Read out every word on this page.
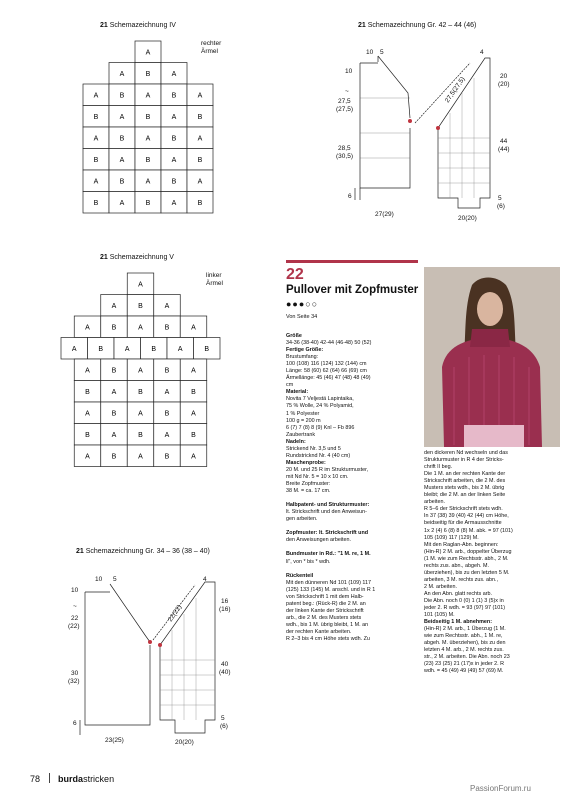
21 Schemazeichnung IV
rechter
Ärmel
A
A	B	A
A	B	A	B	A
B	A	B	A	B
A	B	A	B	A
B	A	B	A	B
A	B	A	B	A
B	A	B	A	B
21 Schemazeichnung Gr. 42 – 44 (46)
10 5	4
10
~
27,5
(27,5)
28,5
(30,5)
6
27(29)
20(20)
20
(20)
44
(44)
5
(6)
27,5(27,5)
21 Schemazeichnung V
linker
Ärmel
A
A	B	A
A	B	A	B	A
A	B	A	B	A	B
A	B	A	B	A
B	A	B	A	B
A	B	A	B	A
B	A	B	A	B
A	B	A	B	A
21 Schemazeichnung Gr. 34 – 36 (38 – 40)
10 5	4
10
~
22
(22)
30
(32)
6
23(25)	20(20)
16
(16)
40
(40)
5
(6)
22(22)
22
Pullover mit Zopfmuster
●●●○○
Von Seite 34

Größe

34-36 (38-40) 42-44 (46-48) 50 (52)

Fertige Größe:

Brustumfang:

100 (108) 116 (124) 132 (144) cm

Länge: 58 (60) 62 (64) 66 (69) cm

Ärmellänge: 45 (46) 47 (48) 48 (49)

cm

Material:

Novita 7 Veljestä Lapintaika,

75 % Wolle, 24 % Polyamid,

1 % Polyester

100 g = 200 m

6 (7) 7 (8) 8 (9) Knl – Fb 896

Zaubertrank

Nadeln:

Strickend Nr. 3,5 und 5

Rundstricknd Nr. 4 (40 cm)

Maschenprobe:

20 M. und 25 R im Strukturmuster,

mit Nd Nr. 5 = 10 x 10 cm.

Breite Zopfmuster:

38 M. = ca. 17 cm.

Halbpatent- und Strukturmuster:

lt. Strickschrift und den Anweisun-

gen arbeiten.

Zopfmuster: lt. Strickschrift und

den Anweisungen arbeiten.

Bundmuster in Rd.: "1 M. re, 1 M.

li", von * bis * wdh.

Rückenteil

Mit den dünneren Nd 101 (109) 117

(125) 133 (145) M. anschl. und in R 1

von Strickschrift 1 mit dem Halb-

patent beg.: (Rück-R) die 2 M. an

der linken Kante der Strickschrift

arb., die 2 M. des Musters stets

wdh., bis 1 M. übrig bleibt, 1 M. an

der rechten Kante arbeiten.

R 2–3 bis 4 cm Höhe stets wdh. Zu

den dickeren Nd wechseln und das

Strukturmuster in R 4 der Stricks-

chrift II beg.

Die 1 M. an der rechten Kante der

Strickschrift arbeiten, die 2 M. des

Musters stets wdh., bis 2 M. übrig

bleibt; die 2 M. an der linken Seite

arbeiten.

R 5–6 der Strickschrift stets wdh.

In 37 (38) 39 (40) 42 (44) cm Höhe,

beidseitig für die Armausschnitte

1x 2 (4) 6 (8) 8 (8) M. abk. = 97 (101)

105 (109) 117 (129) M.

Mit den Raglan-Abn. beginnen:

(Hin-R) 2 M. arb., doppelter Überzug

(1 M. wie zum Rechtsstr. abh., 2 M.

rechts zus. abn., abgeh. M.

überziehen), bis zu den letzten 5 M.

arbeiten, 3 M. rechts zus. abn.,

2 M. arbeiten.

An den Abn. glatt rechts arb.

Die Abn. noch 0 (0) 1 (1) 3 (5)x in

jeder 2. R wdh. = 93 (97) 97 (101)

101 (105) M.

Beidseitig 1 M. abnehmen:

(Hin-R) 2 M. arb., 1 Überzug (1 M.

wie zum Rechtsstr. abh., 1 M. re,

abgeh. M. überziehen), bis zu den

letzten 4 M. arb., 2 M. rechts zus.

str., 2 M. arbeiten. Die Abn. noch 23

(23) 23 (25) 21 (17)x in jeder 2. R

wdh. = 45 (49) 49 (49) 57 (69) M.

78 burdastricken
PassionForum.ru
